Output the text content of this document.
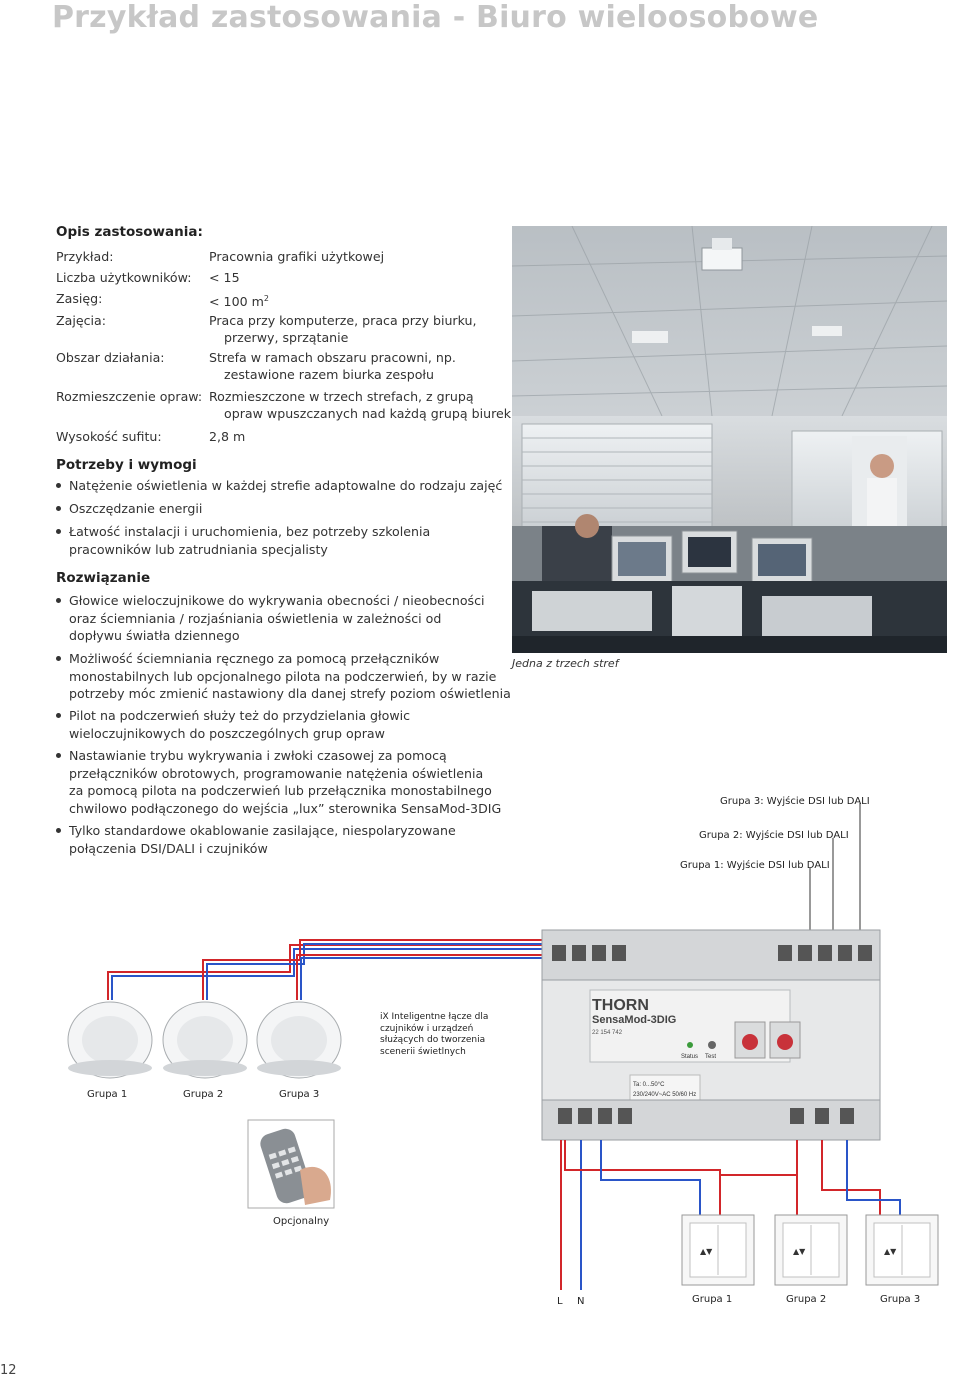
Przykład zastosowania - Biuro wieloosobowe
Opis zastosowania:
Przykład:	Pracownia grafiki użytkowej
Liczba użytkowników: < 15
Zasięg:	< 100 $m^2$
Zajęcia:	Praca przy komputerze, praca przy biurku,
przerwy, sprzątanie
Obszar działania:	Strefa w ramach obszaru pracowni, np.
zestawione razem biurka zespołu
Rozmieszczenie opraw: Rozmieszczone w trzech strefach, z grupą
opraw wpuszczanych nad każdą grupą biurek
Wysokość sufitu:	2,8 m
Potrzeby i wymogi
Natężenie oświetlenia w każdej strefie adaptowalne do rodzaju zajęć
Oszczędzanie energii
Łatwość instalacji i uruchomienia, bez potrzeby szkolenia
pracowników lub zatrudniania specjalisty
Rozwiązanie
Głowice wieloczujnikowe do wykrywania obecności / nieobecności
oraz ściemniania / rozjaśniania oświetlenia w zależności od
dopływu światła dziennego
Możliwość ściemniania ręcznego za pomocą przełączników
monostabilnych lub opcjonalnego pilota na podczerwień, by w razie
potrzeby móc zmienić nastawiony dla danej strefy poziom oświetlenia
Pilot na podczerwień służy też do przydzielania głowic
wieloczujnikowych do poszczególnych grup opraw
Nastawianie trybu wykrywania i zwłoki czasowej za pomocą
przełączników obrotowych, programowanie natężenia oświetlenia
za pomocą pilota na podczerwień lub przełącznika monostabilnego
chwilowo podłączonego do wejścia „lux” sterownika SensaMod-3DIG
Tylko standardowe okablowanie zasilające, niespolaryzowane
połączenia DSI/DALI i czujników
Jedna z trzech stref
THORN
SensaMod-3DIG
22 154 742
Status Test
Ta: 0...50°C
230/240V~AC 50/60 Hz
▲▼	▲▼	▲▼
Grupa 3: Wyjście DSI lub DALI
Grupa 2: Wyjście DSI lub DALI
Grupa 1: Wyjście DSI lub DALI
iX Inteligentne łącze dla
czujników i urządzeń
służących do tworzenia
scenerii świetlnych
Grupa 1	Grupa 2	Grupa 3
Opcjonalny
L N	Grupa 1	Grupa 2	Grupa 3
12
